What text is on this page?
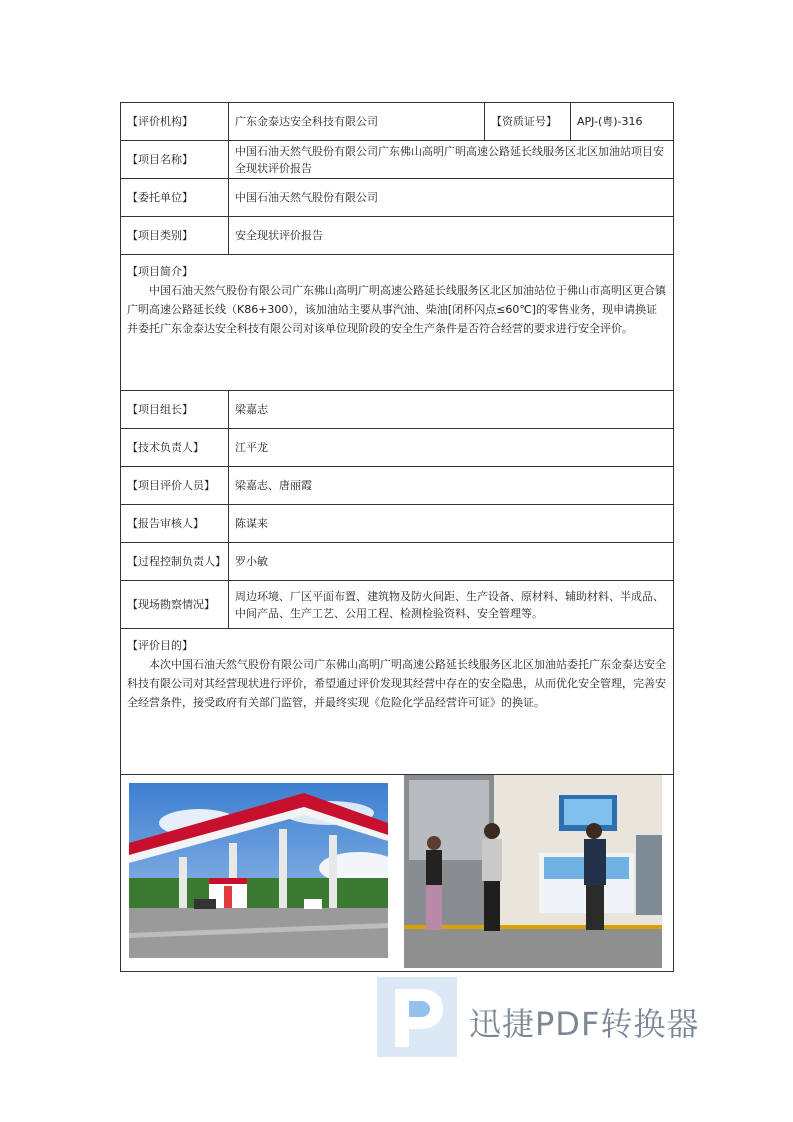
【评价机构】	广东金泰达安全科技有限公司	【资质证号】	APJ-(粤)-316
【项目名称】	中国石油天然气股份有限公司广东佛山高明广明高速公路延长线服务区北区加油站项目安全现状评价报告		
【委托单位】	中国石油天然气股份有限公司		
【项目类别】	安全现状评价报告		

【项目简介】

中国石油天然气股份有限公司广东佛山高明广明高速公路延长线服务区北区加油站位于佛山市高明区更合镇广明高速公路延长线（K86+300），该加油站主要从事汽油、柴油[闭杯闪点≤60℃]的零售业务，现申请换证并委托广东金泰达安全科技有限公司对该单位现阶段的安全生产条件是否符合经营的要求进行安全评价。			

【项目组长】	梁嘉志		
【技术负责人】	江平龙		
【项目评价人员】	梁嘉志、唐丽霞		
【报告审核人】	陈谋来		
【过程控制负责人】	罗小敏		
【现场勘察情况】	周边环境、厂区平面布置、建筑物及防火间距、生产设备、原材料、辅助材料、半成品、中间产品、生产工艺、公用工程、检测检验资料、安全管理等。		

【评价目的】

本次中国石油天然气股份有限公司广东佛山高明广明高速公路延长线服务区北区加油站委托广东金泰达安全科技有限公司对其经营现状进行评价，希望通过评价发现其经营中存在的安全隐患，从而优化安全管理，完善安全经营条件，接受政府有关部门监管，并最终实现《危险化学品经营许可证》的换证。			

迅捷PDF转换器
